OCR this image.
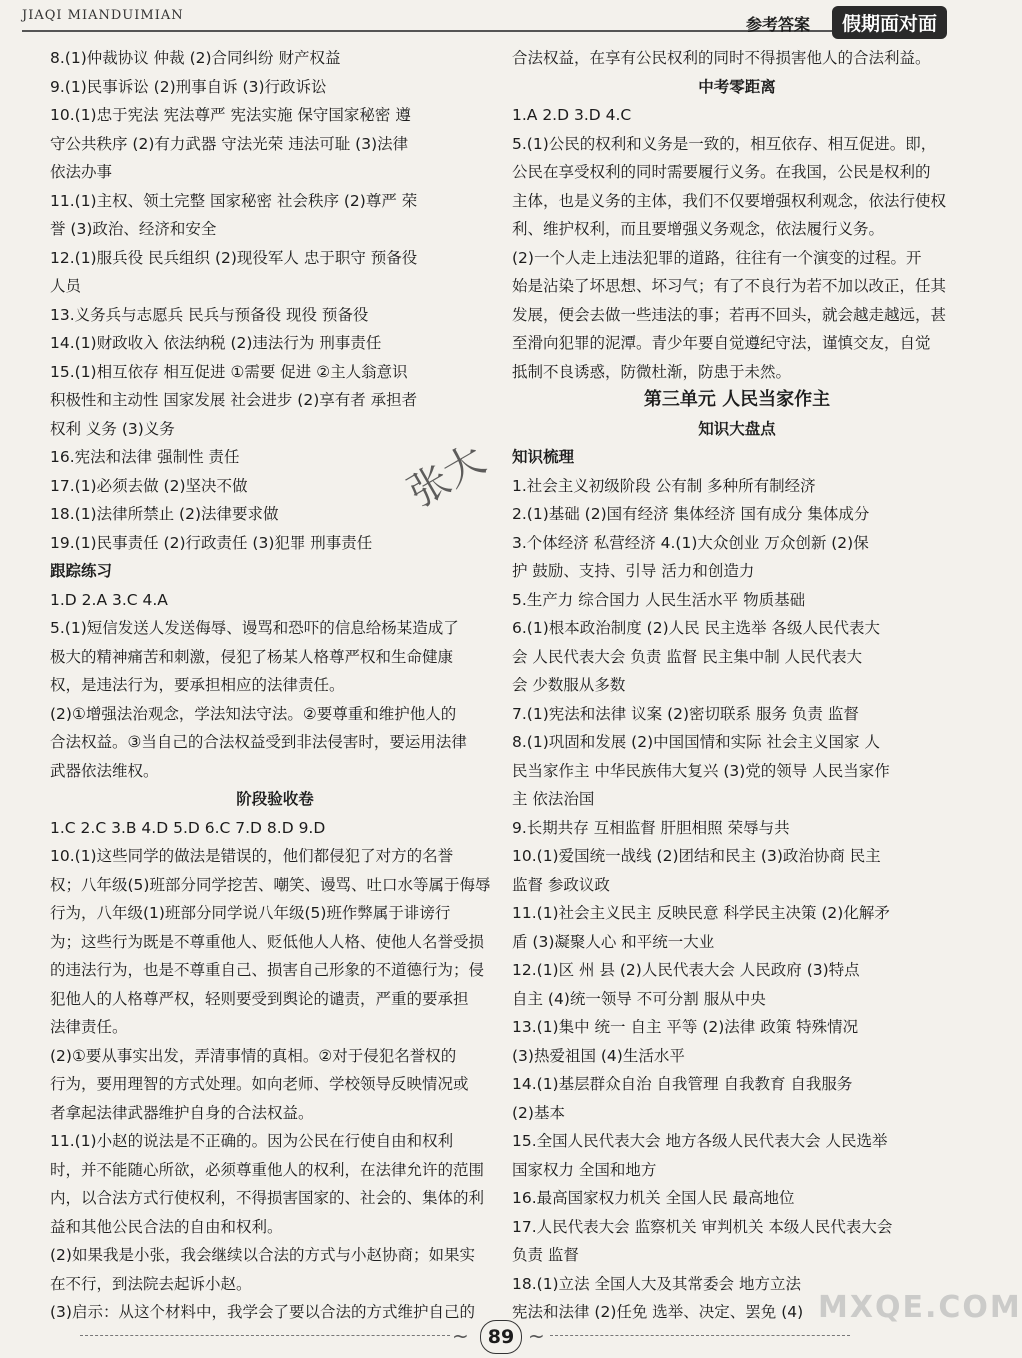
JIAQI MIANDUIMIAN	参考答案	假期面对面
8.(1)仲裁协议 仲裁 (2)合同纠纷 财产权益
9.(1)民事诉讼 (2)刑事自诉 (3)行政诉讼
10.(1)忠于宪法 宪法尊严 宪法实施 保守国家秘密 遵
守公共秩序 (2)有力武器 守法光荣 违法可耻 (3)法律
依法办事
11.(1)主权、领土完整 国家秘密 社会秩序 (2)尊严 荣
誉 (3)政治、经济和安全
12.(1)服兵役 民兵组织 (2)现役军人 忠于职守 预备役
人员
13.义务兵与志愿兵 民兵与预备役 现役 预备役
14.(1)财政收入 依法纳税 (2)违法行为 刑事责任
15.(1)相互依存 相互促进 ①需要 促进 ②主人翁意识
积极性和主动性 国家发展 社会进步 (2)享有者 承担者
权利 义务 (3)义务
16.宪法和法律 强制性 责任
17.(1)必须去做 (2)坚决不做
18.(1)法律所禁止 (2)法律要求做
19.(1)民事责任 (2)行政责任 (3)犯罪 刑事责任
跟踪练习
1.D 2.A 3.C 4.A
5.(1)短信发送人发送侮辱、谩骂和恐吓的信息给杨某造成了
极大的精神痛苦和刺激，侵犯了杨某人格尊严权和生命健康
权，是违法行为，要承担相应的法律责任。
(2)①增强法治观念，学法知法守法。②要尊重和维护他人的
合法权益。③当自己的合法权益受到非法侵害时，要运用法律
武器依法维权。
阶段验收卷
1.C 2.C 3.B 4.D 5.D 6.C 7.D 8.D 9.D
10.(1)这些同学的做法是错误的，他们都侵犯了对方的名誉
权；八年级(5)班部分同学挖苦、嘲笑、谩骂、吐口水等属于侮辱
行为，八年级(1)班部分同学说八年级(5)班作弊属于诽谤行
为；这些行为既是不尊重他人、贬低他人人格、使他人名誉受损
的违法行为，也是不尊重自己、损害自己形象的不道德行为；侵
犯他人的人格尊严权，轻则要受到舆论的谴责，严重的要承担
法律责任。
(2)①要从事实出发，弄清事情的真相。②对于侵犯名誉权的
行为，要用理智的方式处理。如向老师、学校领导反映情况或
者拿起法律武器维护自身的合法权益。
11.(1)小赵的说法是不正确的。因为公民在行使自由和权利
时，并不能随心所欲，必须尊重他人的权利，在法律允许的范围
内，以合法方式行使权利，不得损害国家的、社会的、集体的利
益和其他公民合法的自由和权利。
(2)如果我是小张，我会继续以合法的方式与小赵协商；如果实
在不行，到法院去起诉小赵。
(3)启示：从这个材料中，我学会了要以合法的方式维护自己的
合法权益，在享有公民权利的同时不得损害他人的合法利益。
中考零距离
1.A 2.D 3.D 4.C
5.(1)公民的权利和义务是一致的，相互依存、相互促进。即，
公民在享受权利的同时需要履行义务。在我国，公民是权利的
主体，也是义务的主体，我们不仅要增强权利观念，依法行使权
利、维护权利，而且要增强义务观念，依法履行义务。
(2)一个人走上违法犯罪的道路，往往有一个演变的过程。开
始是沾染了坏思想、坏习气；有了不良行为若不加以改正，任其
发展，便会去做一些违法的事；若再不回头，就会越走越远，甚
至滑向犯罪的泥潭。青少年要自觉遵纪守法，谨慎交友，自觉
抵制不良诱惑，防微杜渐，防患于未然。
第三单元 人民当家作主
知识大盘点
知识梳理
1.社会主义初级阶段 公有制 多种所有制经济
2.(1)基础 (2)国有经济 集体经济 国有成分 集体成分
3.个体经济 私营经济 4.(1)大众创业 万众创新 (2)保
护 鼓励、支持、引导 活力和创造力
5.生产力 综合国力 人民生活水平 物质基础
6.(1)根本政治制度 (2)人民 民主选举 各级人民代表大
会 人民代表大会 负责 监督 民主集中制 人民代表大
会 少数服从多数
7.(1)宪法和法律 议案 (2)密切联系 服务 负责 监督
8.(1)巩固和发展 (2)中国国情和实际 社会主义国家 人
民当家作主 中华民族伟大复兴 (3)党的领导 人民当家作
主 依法治国
9.长期共存 互相监督 肝胆相照 荣辱与共
10.(1)爱国统一战线 (2)团结和民主 (3)政治协商 民主
监督 参政议政
11.(1)社会主义民主 反映民意 科学民主决策 (2)化解矛
盾 (3)凝聚人心 和平统一大业
12.(1)区 州 县 (2)人民代表大会 人民政府 (3)特点
自主 (4)统一领导 不可分割 服从中央
13.(1)集中 统一 自主 平等 (2)法律 政策 特殊情况
(3)热爱祖国 (4)生活水平
14.(1)基层群众自治 自我管理 自我教育 自我服务
(2)基本
15.全国人民代表大会 地方各级人民代表大会 人民选举
国家权力 全国和地方
16.最高国家权力机关 全国人民 最高地位
17.人民代表大会 监察机关 审判机关 本级人民代表大会
负责 监督
18.(1)立法 全国人大及其常委会 地方立法
宪法和法律 (2)任免 选举、决定、罢免 (4)
张大
~	89 ~
MXQE.COM
